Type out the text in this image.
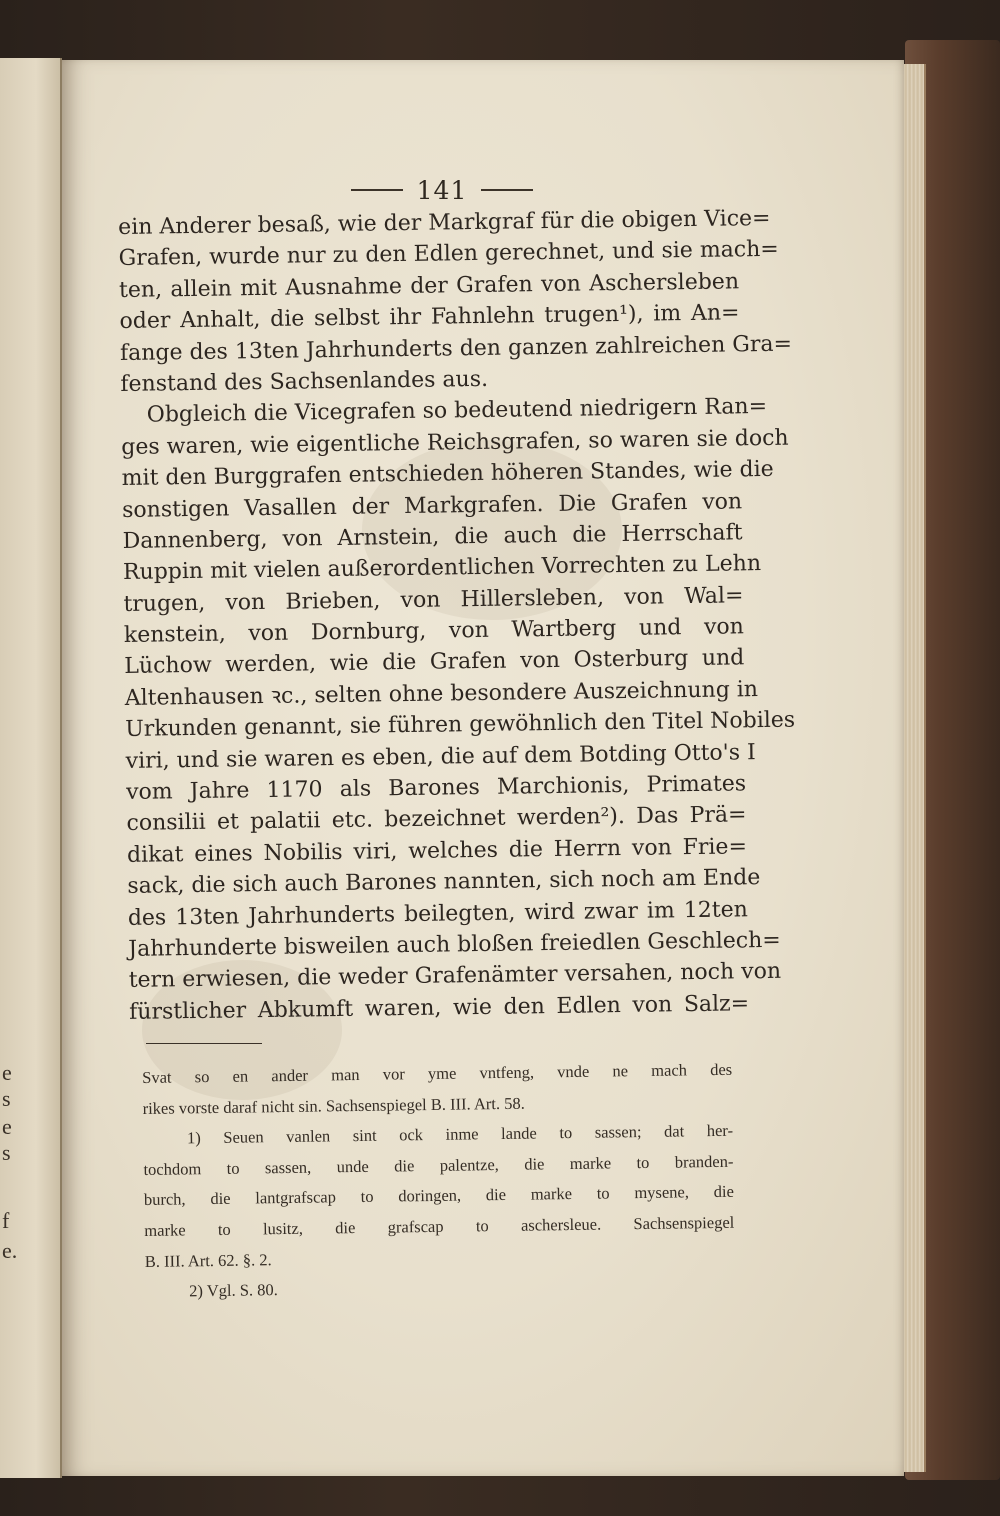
e
s
e
s
f
e.
141
ein Anderer besaß, wie der Markgraf für die obigen Vice=
Grafen, wurde nur zu den Edlen gerechnet, und sie mach=
ten, allein mit Ausnahme der Grafen von Aschersleben
oder Anhalt, die selbst ihr Fahnlehn trugen¹), im An=
fange des 13ten Jahrhunderts den ganzen zahlreichen Gra=
fenstand des Sachsenlandes aus.
Obgleich die Vicegrafen so bedeutend niedrigern Ran=
ges waren, wie eigentliche Reichsgrafen, so waren sie doch
mit den Burggrafen entschieden höheren Standes, wie die
sonstigen Vasallen der Markgrafen. Die Grafen von
Dannenberg, von Arnstein, die auch die Herrschaft
Ruppin mit vielen außerordentlichen Vorrechten zu Lehn
trugen, von Brieben, von Hillersleben, von Wal=
kenstein, von Dornburg, von Wartberg und von
Lüchow werden, wie die Grafen von Osterburg und
Altenhausen ꝛc., selten ohne besondere Auszeichnung in
Urkunden genannt, sie führen gewöhnlich den Titel Nobiles
viri, und sie waren es eben, die auf dem Botding Otto's I
vom Jahre 1170 als Barones Marchionis, Primates
consilii et palatii etc. bezeichnet werden²). Das Prä=
dikat eines Nobilis viri, welches die Herrn von Frie=
sack, die sich auch Barones nannten, sich noch am Ende
des 13ten Jahrhunderts beilegten, wird zwar im 12ten
Jahrhunderte bisweilen auch bloßen freiedlen Geschlech=
tern erwiesen, die weder Grafenämter versahen, noch von
fürstlicher Abkumft waren, wie den Edlen von Salz=
Svat so en ander man vor yme vntfeng, vnde ne mach des
rikes vorste daraf nicht sin. Sachsenspiegel B. III. Art. 58.
1) Seuen vanlen sint ock inme lande to sassen; dat her-
tochdom to sassen, unde die palentze, die marke to branden-
burch, die lantgrafscap to doringen, die marke to mysene, die
marke to lusitz, die grafscap to aschersleue. Sachsenspiegel
B. III. Art. 62. §. 2.
2) Vgl. S. 80.
